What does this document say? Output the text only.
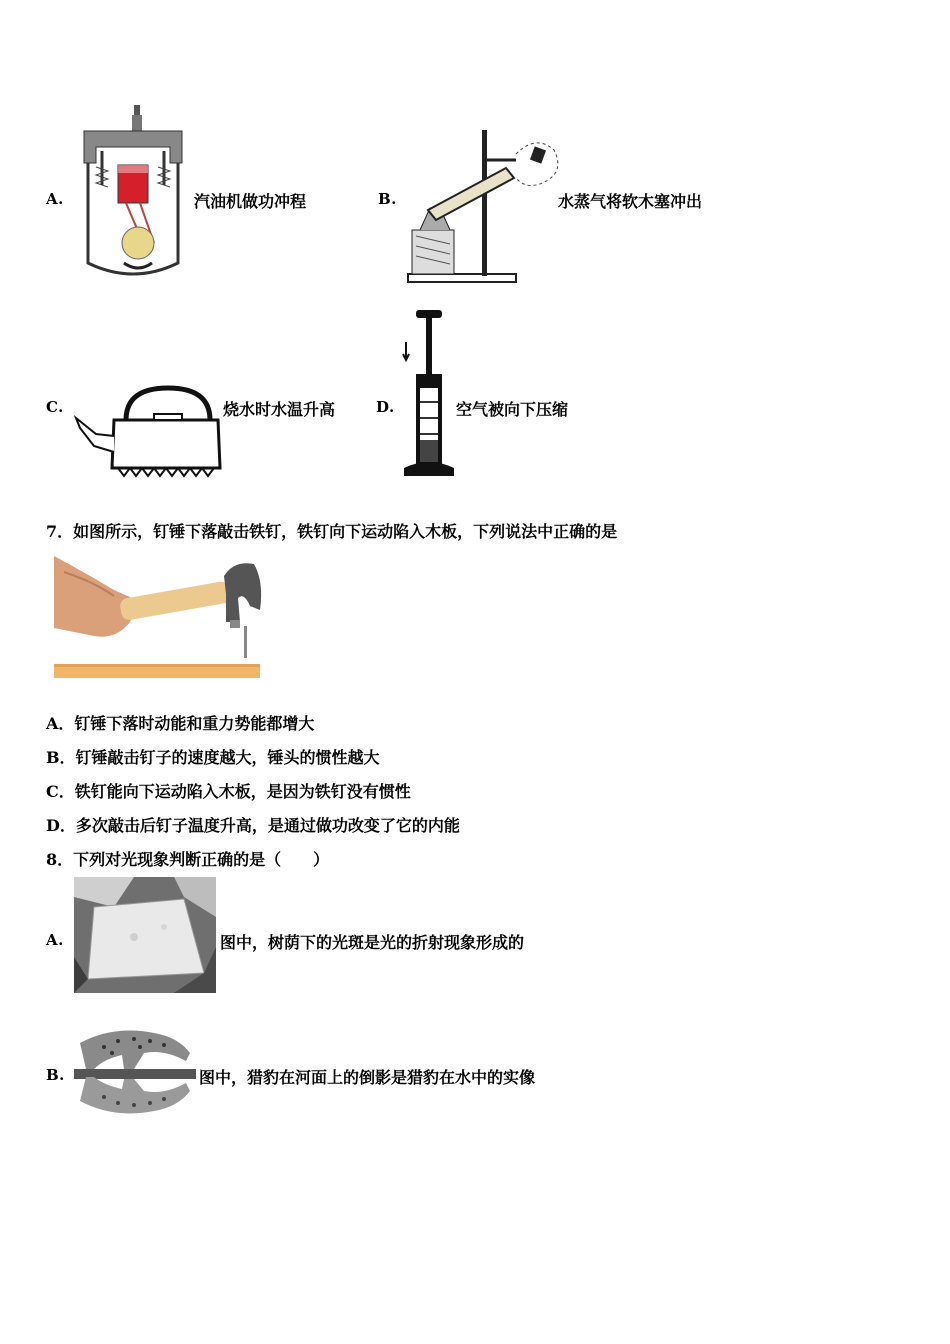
A.	汽油机做功冲程	B.	水蒸气将软木塞冲出
C.	烧水时水温升高	D.	空气被向下压缩
7．如图所示，钉锤下落敲击铁钉，铁钉向下运动陷入木板，下列说法中正确的是
A．钉锤下落时动能和重力势能都增大
B．钉锤敲击钉子的速度越大，锤头的惯性越大
C．铁钉能向下运动陷入木板，是因为铁钉没有惯性
D．多次敲击后钉子温度升高，是通过做功改变了它的内能
8．下列对光现象判断正确的是（　　）
A.	图中，树荫下的光斑是光的折射现象形成的
B.	图中，猎豹在河面上的倒影是猎豹在水中的实像
